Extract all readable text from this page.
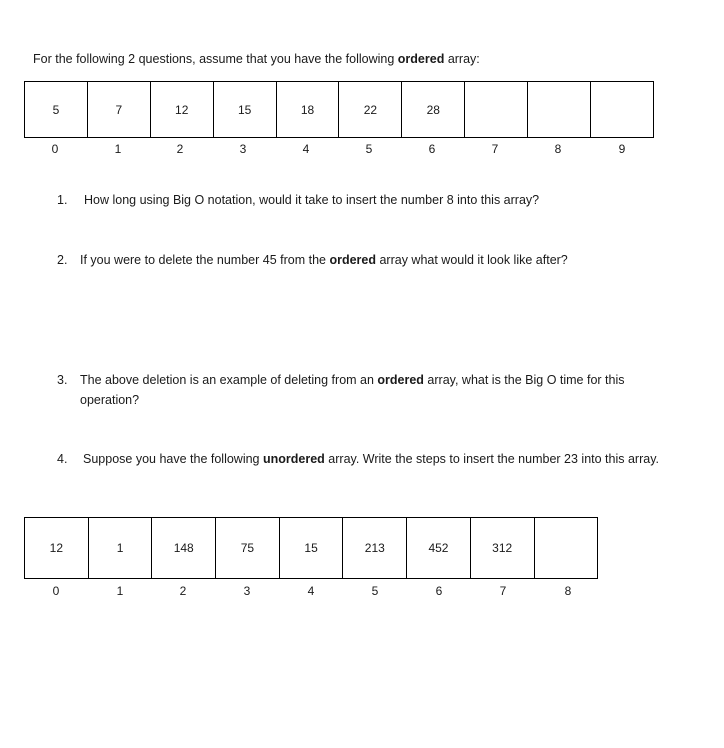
For the following 2 questions, assume that you have the following ordered array:
5	7	12	15	18	22	28
0	1	2	3	4	5	6	7	8	9
1. How long using Big O notation, would it take to insert the number 8 into this array?
2. If you were to delete the number 45 from the ordered array what would it look like after?
3. The above deletion is an example of deleting from an ordered array, what is the Big O time for this operation?
4. Suppose you have the following unordered array. Write the steps to insert the number 23 into this array.
12	1	148	75	15	213	452	312
0	1	2	3	4	5	6	7	8
